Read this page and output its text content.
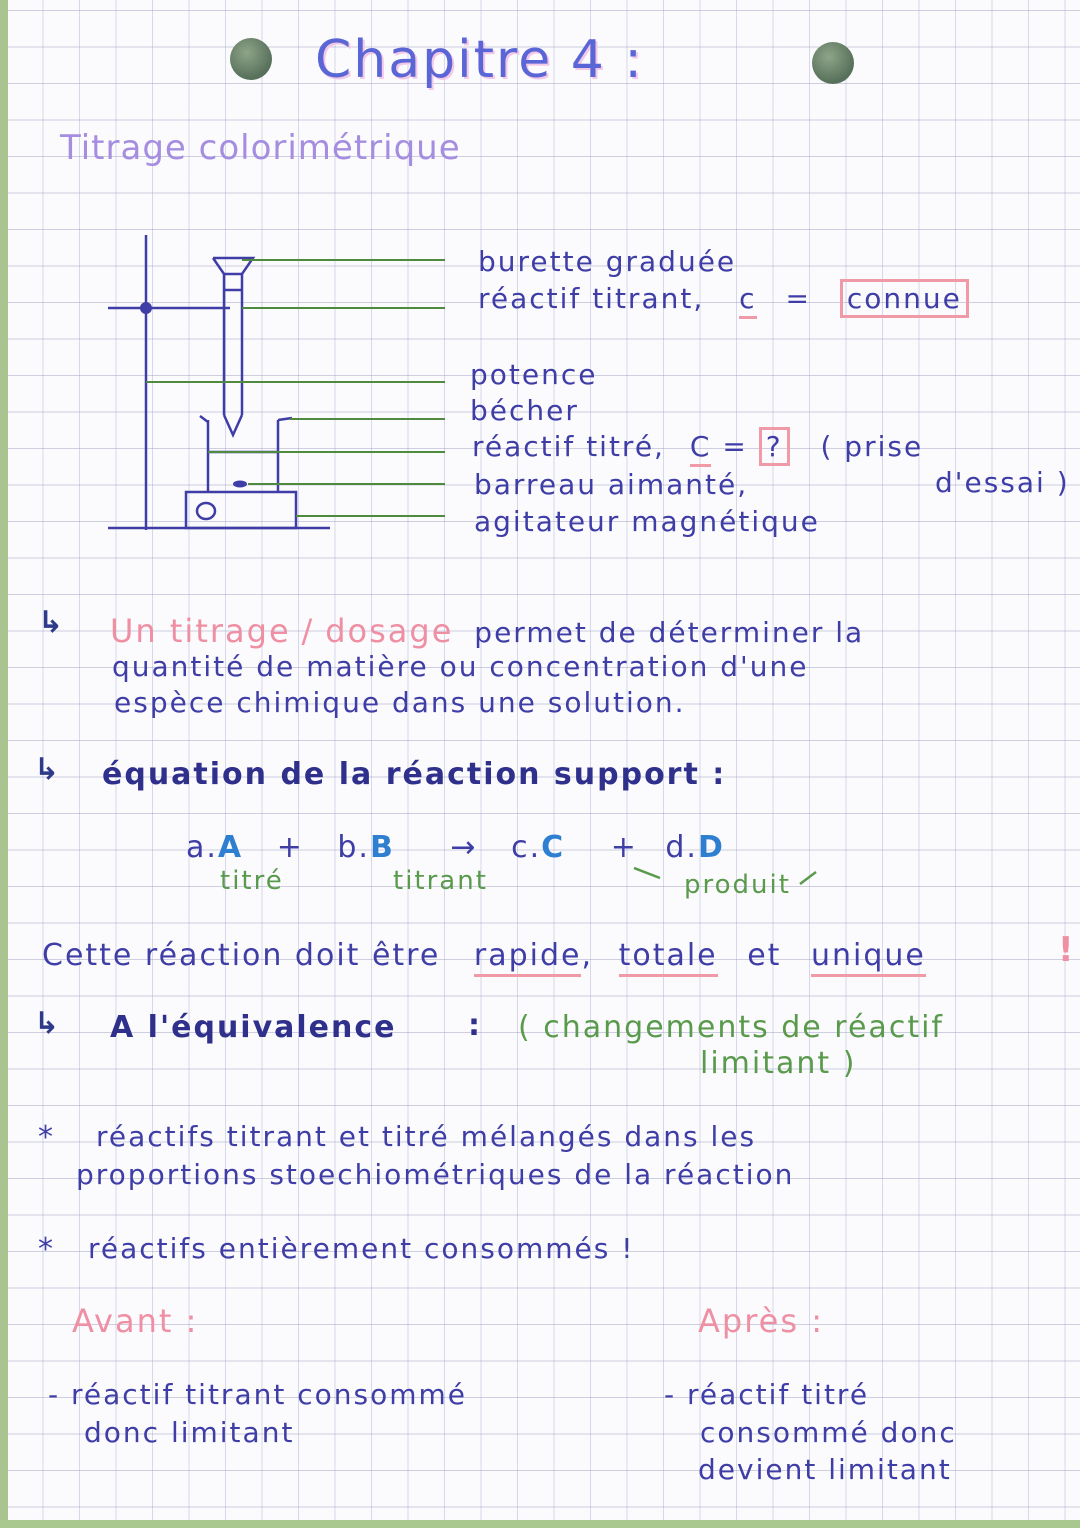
Chapitre 4 :
Titrage colorimétrique
burette graduée
réactif titrant, c = connue
potence
bécher
réactif titré, C = ? ( prise
d'essai )
barreau aimanté,
agitateur magnétique
↳ Un titrage / dosage permet de déterminer la
quantité de matière ou concentration d'une
espèce chimique dans une solution.
↳ équation de la réaction support :
a.A + b.B → c.C + d.D
titré	titrant	produit
Cette réaction doit être rapide, totale et unique	!
↳ A l'équivalence : ( changements de réactif
limitant )
* réactifs titrant et titré mélangés dans les
proportions stoechiométriques de la réaction
* réactifs entièrement consommés !
Avant :	Après :
- réactif titrant consommé
donc limitant
- réactif titré
consommé donc
devient limitant
